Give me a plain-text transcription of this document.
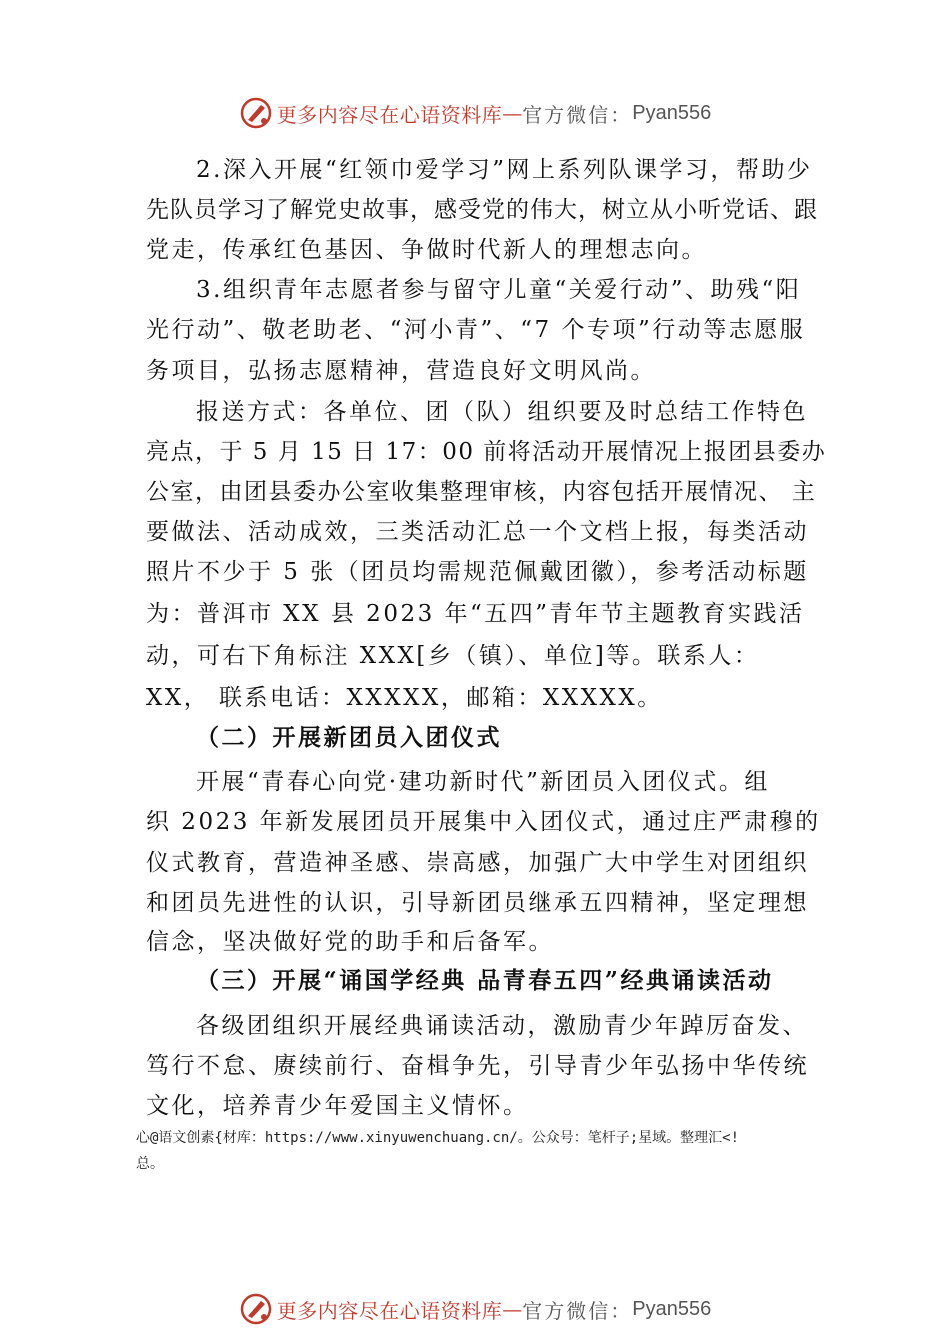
更多内容尽在心语资料库 — 官方微信： Pyan556
2.深入开展“红领巾爱学习”网上系列队课学习，帮助少
先队员学习了解党史故事，感受党的伟大，树立从小听党话、跟
党走，传承红色基因、争做时代新人的理想志向。
3.组织青年志愿者参与留守儿童“关爱行动”、助残“阳
光行动”、敬老助老、“河小青”、“7 个专项”行动等志愿服
务项目，弘扬志愿精神，营造良好文明风尚。
报送方式：各单位、团（队）组织要及时总结工作特色
亮点，于 5 月 15 日 17：00 前将活动开展情况上报团县委办
公室，由团县委办公室收集整理审核，内容包括开展情况、 主
要做法、活动成效，三类活动汇总一个文档上报，每类活动
照片不少于 5 张（团员均需规范佩戴团徽），参考活动标题
为：普洱市 XX 县 2023 年“五四”青年节主题教育实践活
动，可右下角标注 XXX[乡（镇）、单位]等。联系人：
XX， 联系电话：XXXXX，邮箱：XXXXX。
（二）开展新团员入团仪式
开展“青春心向党·建功新时代”新团员入团仪式。组
织 2023 年新发展团员开展集中入团仪式，通过庄严肃穆的
仪式教育，营造神圣感、崇高感，加强广大中学生对团组织
和团员先进性的认识，引导新团员继承五四精神，坚定理想
信念，坚决做好党的助手和后备军。
（三）开展“诵国学经典 品青春五四”经典诵读活动
各级团组织开展经典诵读活动，激励青少年踔厉奋发、
笃行不怠、赓续前行、奋楫争先，引导青少年弘扬中华传统
文化，培养青少年爱国主义情怀。
心@语文创素{材库：https://www.xinyuwenchuang.cn/。公众号：笔杆子;星域。整理汇<!
总。
更多内容尽在心语资料库 — 官方微信： Pyan556
